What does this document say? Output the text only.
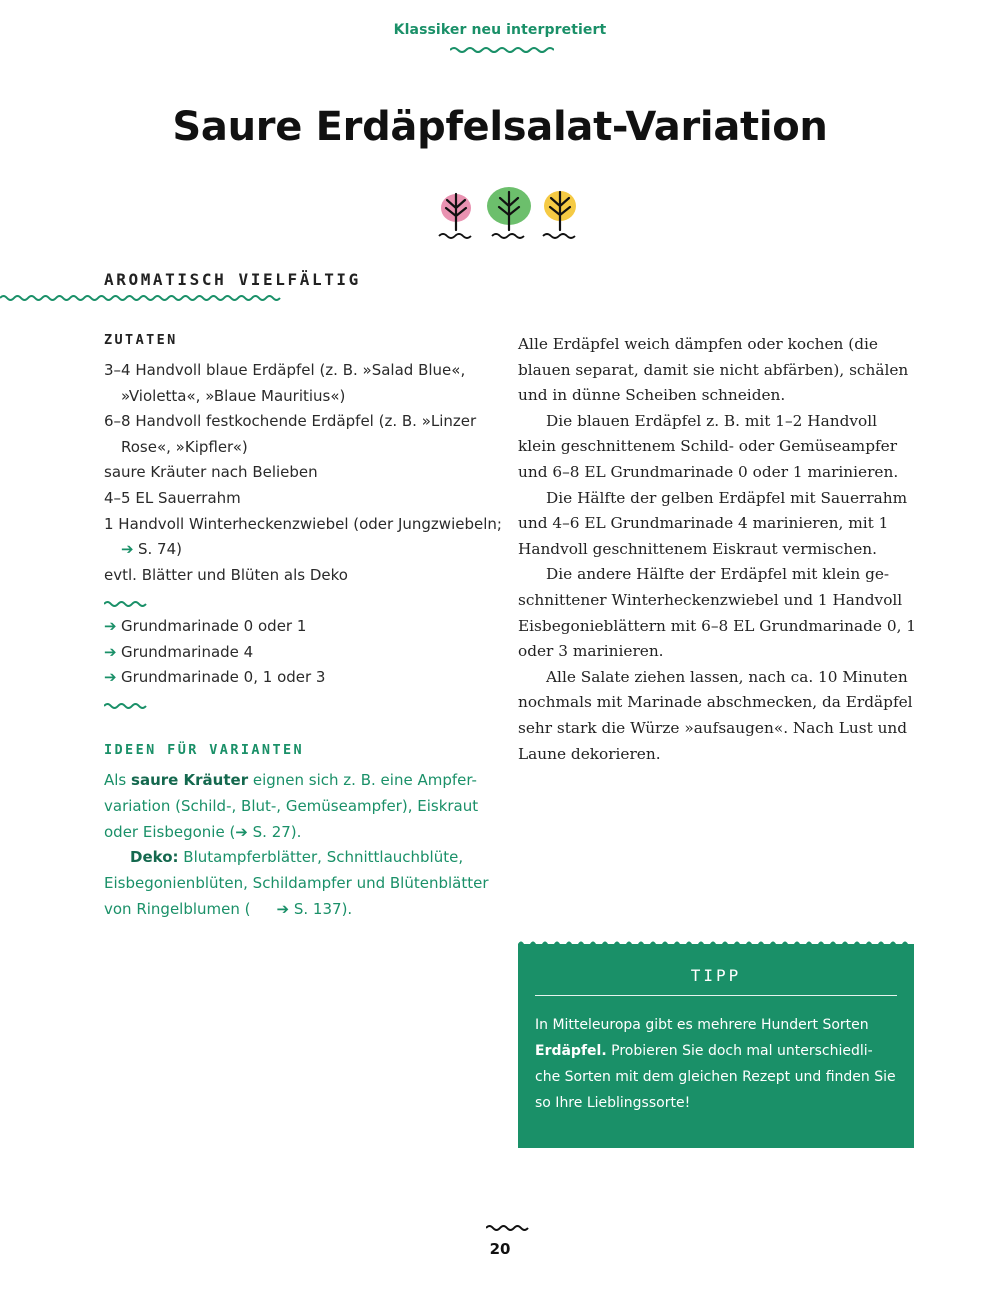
Klassiker neu interpretiert
Saure Erdäpfelsalat-Variation
AROMATISCH VIELFÄLTIG
ZUTATEN
3–4 Handvoll blaue Erdäpfel (z. B. »Salad Blue«, »Violetta«, »Blaue Mauritius«)
6–8 Handvoll festkochende Erdäpfel (z. B. »Linzer Rose«, »Kipfler«)
saure Kräuter nach Belieben
4–5 EL Sauerrahm
1 Handvoll Winterheckenzwiebel (oder Jungzwiebeln;
➔ S. 74)
evtl. Blätter und Blüten als Deko
➔ Grundmarinade 0 oder 1
➔ Grundmarinade 4
➔ Grundmarinade 0, 1 oder 3
IDEEN FÜR VARIANTEN

Als saure Kräuter eignen sich z. B. eine Ampfer-variation (Schild-, Blut-, Gemüseampfer), Eiskraut oder Eisbegonie (➔ S. 27).

Deko: Blutampferblätter, Schnittlauchblüte, Eisbegonienblüten, Schildampfer und Blütenblätter von Ringelblumen ( ➔ S. 137).

Alle Erdäpfel weich dämpfen oder kochen (die blauen separat, damit sie nicht abfärben), schälen und in dünne Scheiben schneiden.

Die blauen Erdäpfel z. B. mit 1–2 Handvoll klein geschnittenem Schild- oder Gemüseampfer und 6–8 EL Grundmarinade 0 oder 1 marinieren.

Die Hälfte der gelben Erdäpfel mit Sauerrahm und 4–6 EL Grundmarinade 4 marinieren, mit 1 Handvoll geschnittenem Eiskraut vermischen.

Die andere Hälfte der Erdäpfel mit klein ge-schnittener Winterheckenzwiebel und 1 Handvoll Eisbegonieblättern mit 6–8 EL Grundmarinade 0, 1 oder 3 marinieren.

Alle Salate ziehen lassen, nach ca. 10 Minuten nochmals mit Marinade abschmecken, da Erdäpfel sehr stark die Würze »aufsaugen«. Nach Lust und Laune dekorieren.

TIPP
In Mitteleuropa gibt es mehrere Hundert Sorten Erdäpfel. Probieren Sie doch mal unterschiedli-che Sorten mit dem gleichen Rezept und finden Sie so Ihre Lieblingssorte!
20
